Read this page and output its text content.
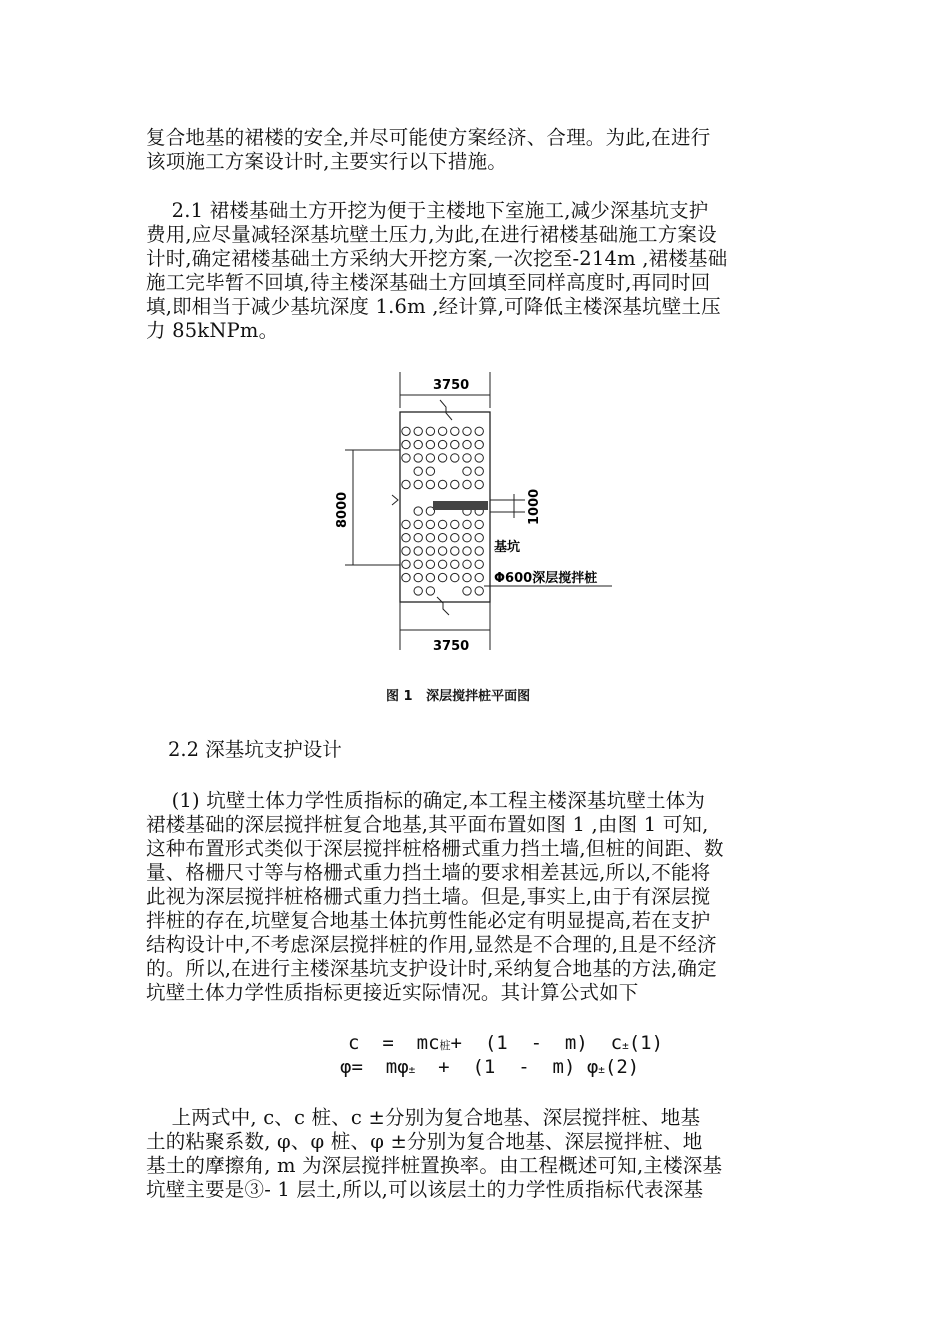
复合地基的裙楼的安全,并尽可能使方案经济、合理。为此,在进行
该项施工方案设计时,主要实行以下措施。
2.1 裙楼基础土方开挖为便于主楼地下室施工,减少深基坑支护
费用,应尽量减轻深基坑壁土压力,为此,在进行裙楼基础施工方案设
计时,确定裙楼基础土方采纳大开挖方案,一次挖至-214m ,裙楼基础
施工完毕暂不回填,待主楼深基础土方回填至同样高度时,再同时回
填,即相当于减少基坑深度 1.6m ,经计算,可降低主楼深基坑壁土压
力 85kNPm。
3750
8000	1000
基坑
Φ600深层搅拌桩
3750
图 1   深层搅拌桩平面图
2.2 深基坑支护设计
(1) 坑壁土体力学性质指标的确定,本工程主楼深基坑壁土体为
裙楼基础的深层搅拌桩复合地基,其平面布置如图 1 ,由图 1 可知,
这种布置形式类似于深层搅拌桩格栅式重力挡土墙,但桩的间距、数
量、格栅尺寸等与格栅式重力挡土墙的要求相差甚远,所以,不能将
此视为深层搅拌桩格栅式重力挡土墙。但是,事实上,由于有深层搅
拌桩的存在,坑壁复合地基土体抗剪性能必定有明显提高,若在支护
结构设计中,不考虑深层搅拌桩的作用,显然是不合理的,且是不经济
的。所以,在进行主楼深基坑支护设计时,采纳复合地基的方法,确定
坑壁土体力学性质指标更接近实际情况。其计算公式如下
c  =  mc桩+  (1  -  m)  c±(1)
φ=  mφ±  +  (1  -  m) φ±(2)
上两式中, c、c 桩、c ±分别为复合地基、深层搅拌桩、地基
土的粘聚系数, φ、φ 桩、φ ±分别为复合地基、深层搅拌桩、地
基土的摩擦角, m 为深层搅拌桩置换率。由工程概述可知,主楼深基
坑壁主要是③- 1 层土,所以,可以该层土的力学性质指标代表深基
